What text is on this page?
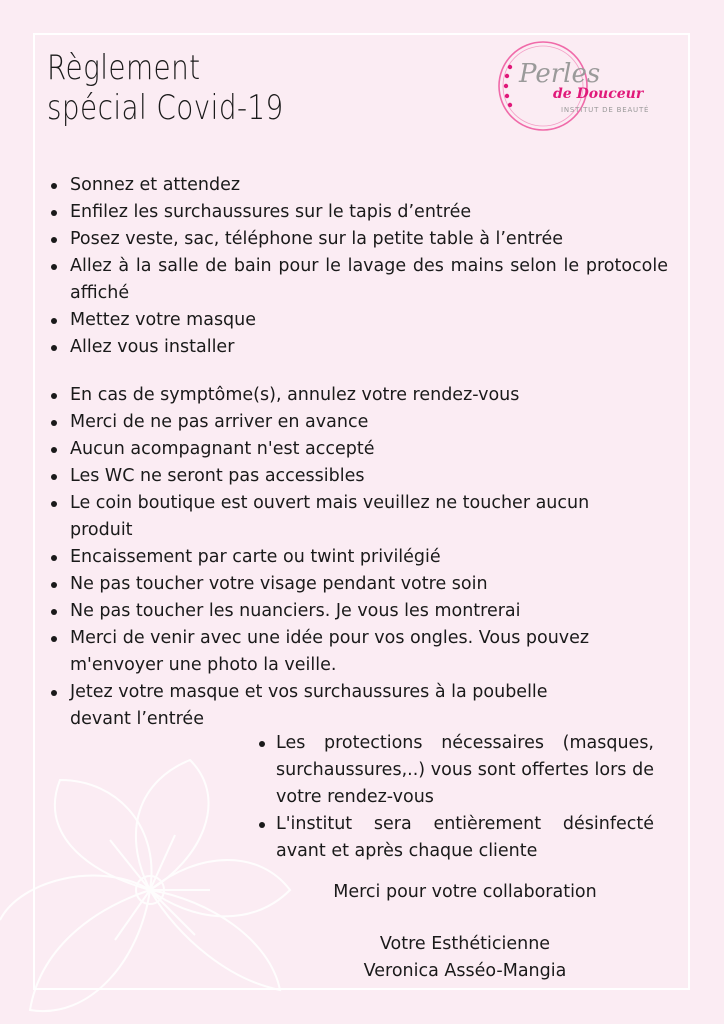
Règlement
spécial Covid-19
Perles
de Douceur
INSTITUT DE BEAUTÉ
Sonnez et attendez
Enfilez les surchaussures sur le tapis d’entrée
Posez veste, sac, téléphone sur la petite table à l’entrée
Allez à la salle de bain pour le lavage des mains selon le protocole affiché
Mettez votre masque
Allez vous installer
En cas de symptôme(s), annulez votre rendez-vous
Merci de ne pas arriver en avance
Aucun acompagnant n'est accepté
Les WC ne seront pas accessibles
Le coin boutique est ouvert mais veuillez ne toucher aucun produit
Encaissement par carte ou twint privilégié
Ne pas toucher votre visage pendant votre soin
Ne pas toucher les nuanciers. Je vous les montrerai
Merci de venir avec une idée pour vos ongles. Vous pouvez m'envoyer une photo la veille.
Jetez votre masque et vos surchaussures à la poubelle devant l’entrée
Les protections nécessaires (masques, surchaussures,..) vous sont offertes lors de votre rendez-vous
L'institut sera entièrement désinfecté avant et après chaque cliente
Merci pour votre collaboration
Votre Esthéticienne
Veronica Asséo-Mangia
